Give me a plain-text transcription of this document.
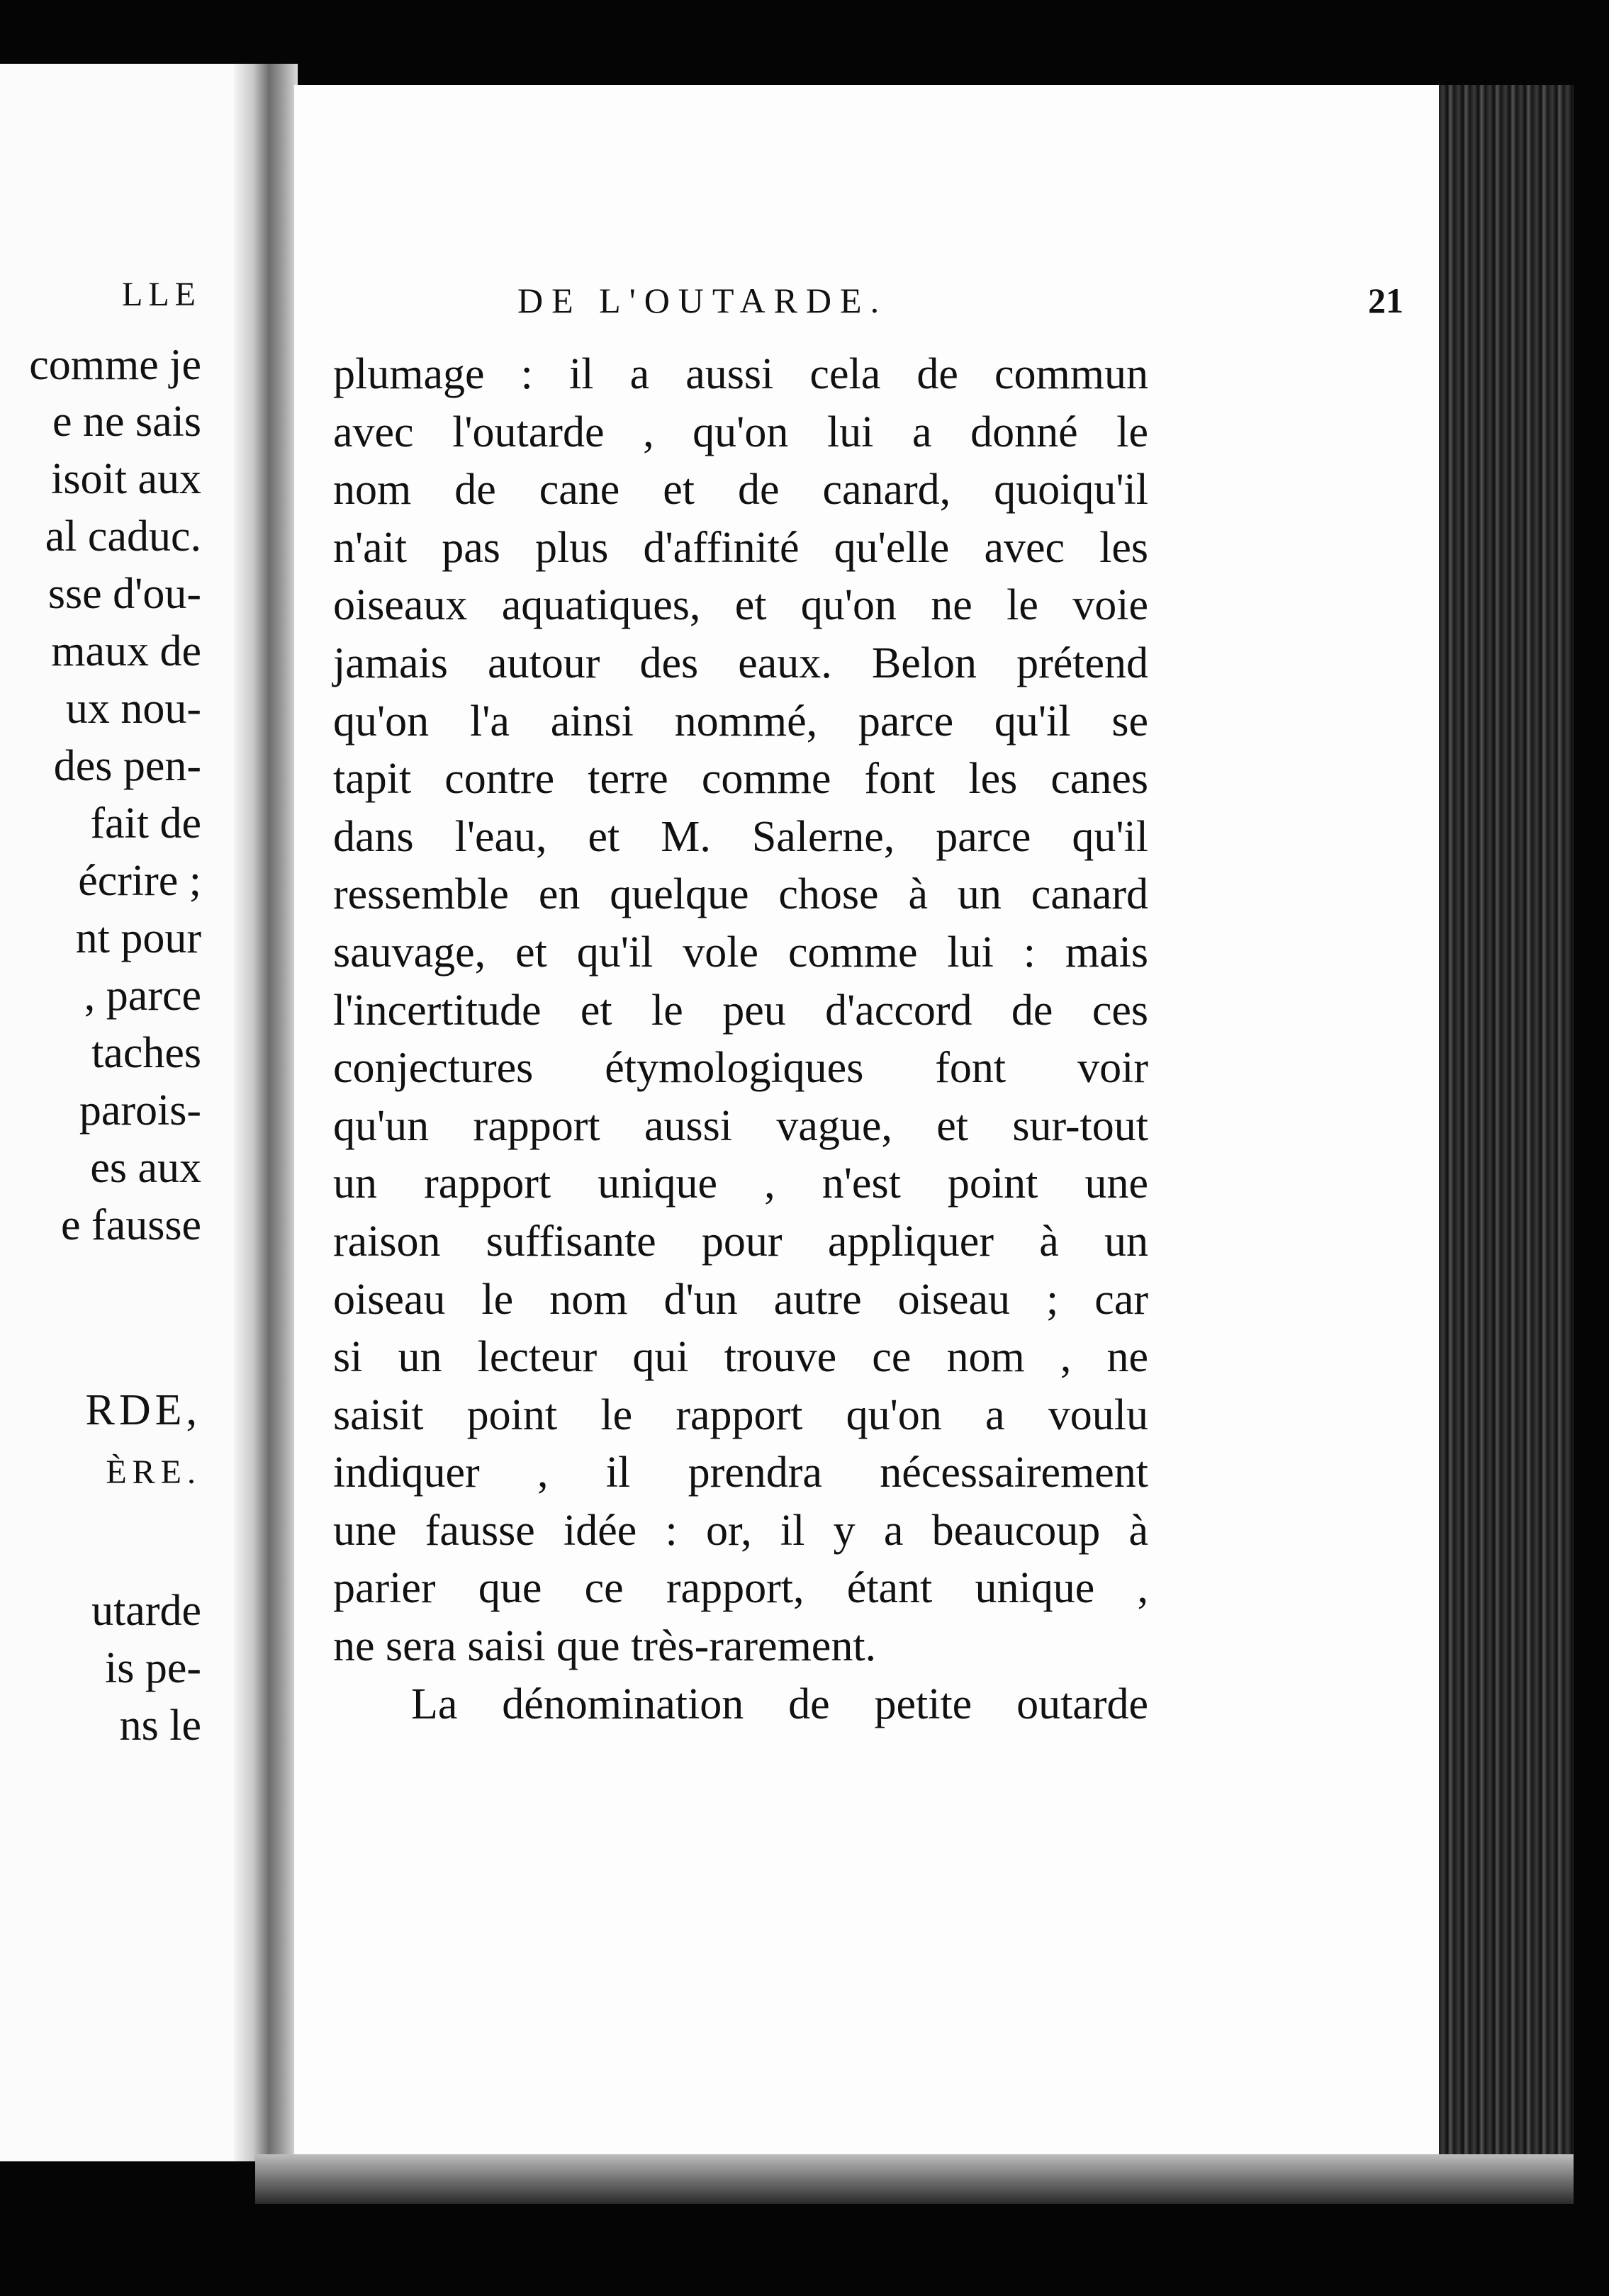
LLE
comme je
e ne sais
isoit aux
al caduc.
sse d'ou-
maux de
ux nou-
des pen-
fait de
écrire ;
nt pour
, parce
taches
parois-
es aux
e fausse
RDE,
ÈRE.
utarde
is pe-
ns le
DE L'OUTARDE.	21
plumage : il a aussi cela de commun
avec l'outarde , qu'on lui a donné le
nom de cane et de canard, quoiqu'il
n'ait pas plus d'affinité qu'elle avec les
oiseaux aquatiques, et qu'on ne le voie
jamais autour des eaux. Belon prétend
qu'on l'a ainsi nommé, parce qu'il se
tapit contre terre comme font les canes
dans l'eau, et M. Salerne, parce qu'il
ressemble en quelque chose à un canard
sauvage, et qu'il vole comme lui : mais
l'incertitude et le peu d'accord de ces
conjectures étymologiques font voir
qu'un rapport aussi vague, et sur-tout
un rapport unique , n'est point une
raison suffisante pour appliquer à un
oiseau le nom d'un autre oiseau ; car
si un lecteur qui trouve ce nom , ne
saisit point le rapport qu'on a voulu
indiquer , il prendra nécessairement
une fausse idée : or, il y a beaucoup à
parier que ce rapport, étant unique ,
ne sera saisi que très-rarement.
La dénomination de petite outarde
